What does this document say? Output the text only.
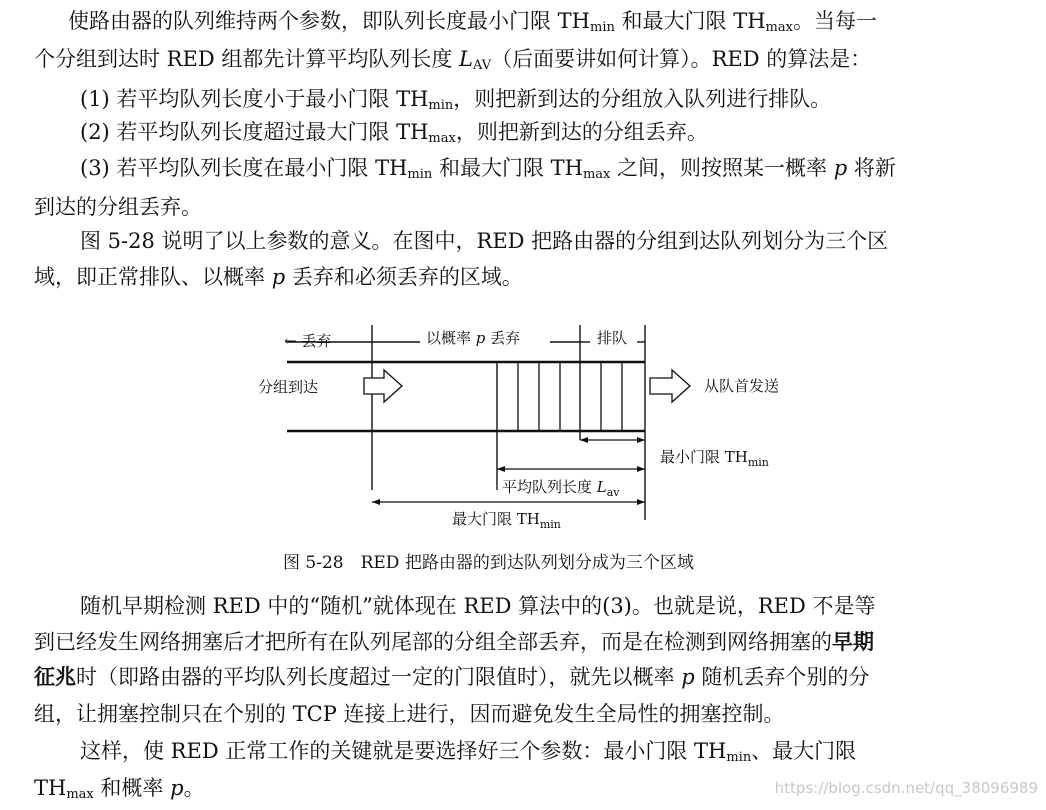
使路由器的队列维持两个参数，即队列长度最小门限 $TH_{min}$ 和最大门限 $TH_{max}$。当每一
个分组到达时 RED 组都先计算平均队列长度 $L_{AV}$（后面要讲如何计算）。RED 的算法是：
(1) 若平均队列长度小于最小门限 $TH_{min}$，则把新到达的分组放入队列进行排队。
(2) 若平均队列长度超过最大门限 $TH_{max}$，则把新到达的分组丢弃。
(3) 若平均队列长度在最小门限 $TH_{min}$ 和最大门限 $TH_{max}$ 之间，则按照某一概率 p 将新
到达的分组丢弃。
图 5-28 说明了以上参数的意义。在图中，RED 把路由器的分组到达队列划分为三个区
域，即正常排队、以概率 p 丢弃和必须丢弃的区域。
← 丢弃	以概率 p 丢弃	排队
分组到达	从队首发送
最小门限 $TH_{min}$
平均队列长度 $L_{av}$
最大门限 $TH_{min}$
图 5-28　RED 把路由器的到达队列划分成为三个区域
随机早期检测 RED 中的“随机”就体现在 RED 算法中的(3)。也就是说，RED 不是等
到已经发生网络拥塞后才把所有在队列尾部的分组全部丢弃，而是在检测到网络拥塞的早期
征兆时（即路由器的平均队列长度超过一定的门限值时），就先以概率 p 随机丢弃个别的分
组，让拥塞控制只在个别的 TCP 连接上进行，因而避免发生全局性的拥塞控制。
这样，使 RED 正常工作的关键就是要选择好三个参数：最小门限 $TH_{min}$、最大门限
$TH_{max}$ 和概率 p。	https://blog.csdn.net/qq_38096989
